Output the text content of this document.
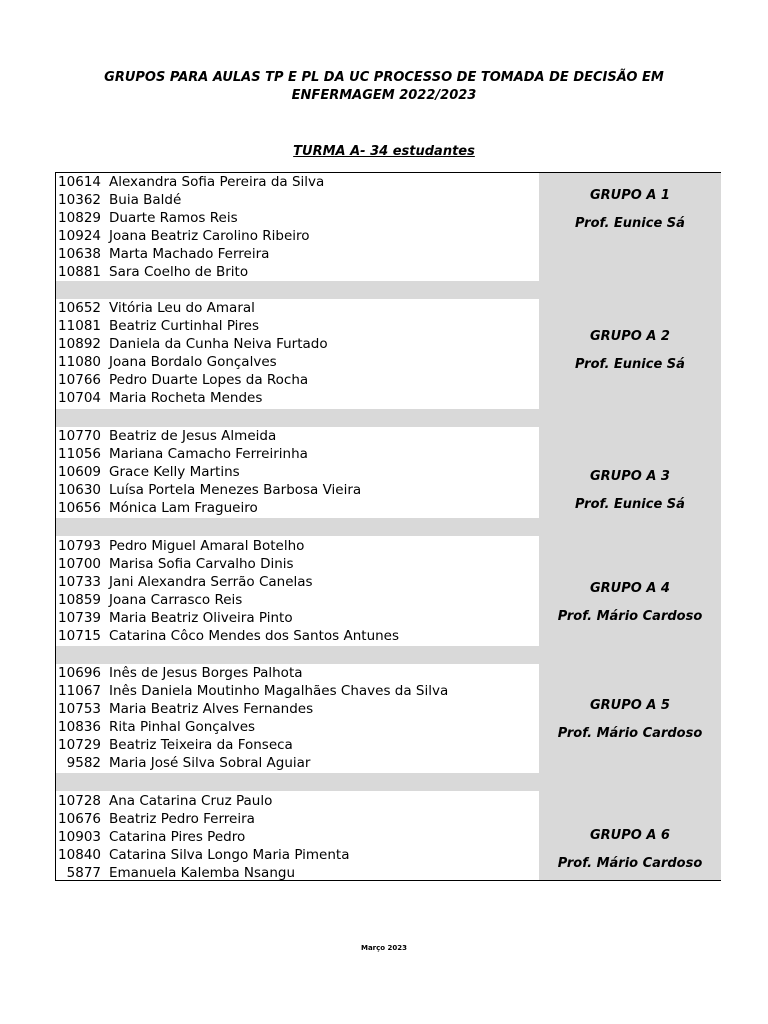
GRUPOS PARA AULAS TP E PL DA UC PROCESSO DE TOMADA DE DECISÃO EM
ENFERMAGEM 2022/2023
TURMA A- 34 estudantes
10614 Alexandra Sofia Pereira da Silva
10362 Buia Baldé
10829 Duarte Ramos Reis
10924 Joana Beatriz Carolino Ribeiro
10638 Marta Machado Ferreira
10881 Sara Coelho de Brito
GRUPO A 1
Prof. Eunice Sá
10652 Vitória Leu do Amaral
11081 Beatriz Curtinhal Pires
10892 Daniela da Cunha Neiva Furtado
11080 Joana Bordalo Gonçalves
10766 Pedro Duarte Lopes da Rocha
10704 Maria Rocheta Mendes
GRUPO A 2
Prof. Eunice Sá
10770 Beatriz de Jesus Almeida
11056 Mariana Camacho Ferreirinha
10609 Grace Kelly Martins
10630 Luísa Portela Menezes Barbosa Vieira
10656 Mónica Lam Fragueiro
GRUPO A 3
Prof. Eunice Sá
10793 Pedro Miguel Amaral Botelho
10700 Marisa Sofia Carvalho Dinis
10733 Jani Alexandra Serrão Canelas
10859 Joana Carrasco Reis
10739 Maria Beatriz Oliveira Pinto
10715 Catarina Côco Mendes dos Santos Antunes
GRUPO A 4
Prof. Mário Cardoso
10696 Inês de Jesus Borges Palhota
11067 Inês Daniela Moutinho Magalhães Chaves da Silva
10753 Maria Beatriz Alves Fernandes
10836 Rita Pinhal Gonçalves
10729 Beatriz Teixeira da Fonseca
9582 Maria José Silva Sobral Aguiar
GRUPO A 5
Prof. Mário Cardoso
10728 Ana Catarina Cruz Paulo
10676 Beatriz Pedro Ferreira
10903 Catarina Pires Pedro
10840 Catarina Silva Longo Maria Pimenta
5877 Emanuela Kalemba Nsangu
GRUPO A 6
Prof. Mário Cardoso
Março 2023
